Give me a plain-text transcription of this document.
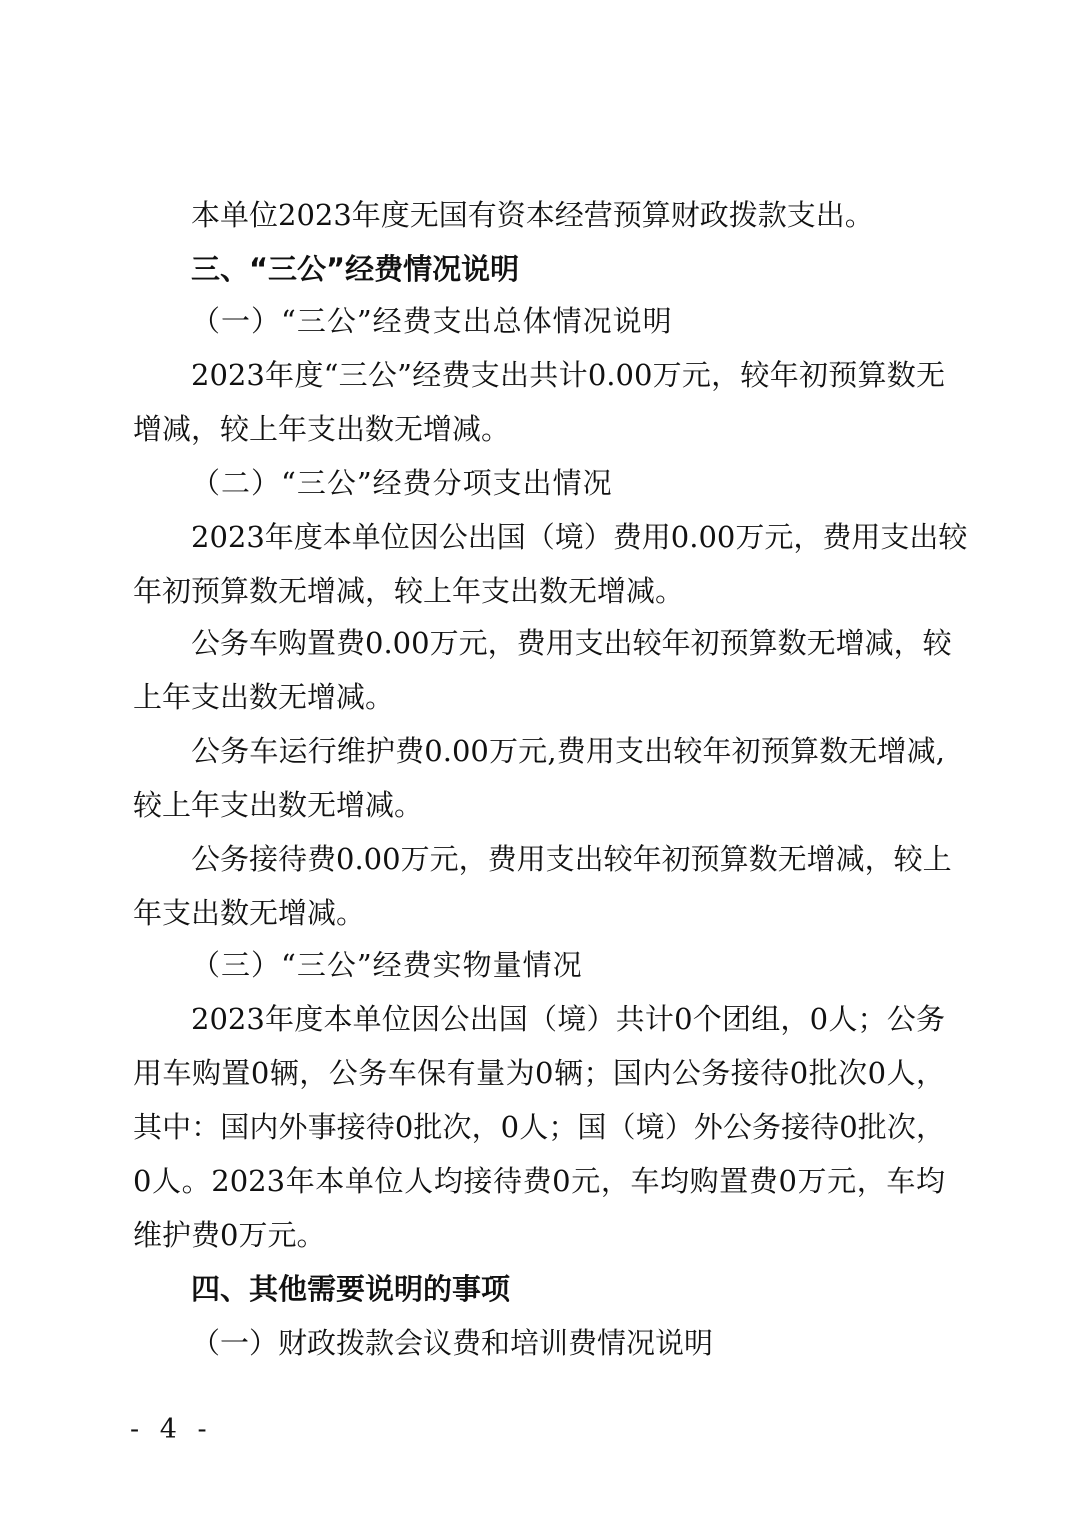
本单位2023年度无国有资本经营预算财政拨款支出。
三、“三公”经费情况说明
（一）“三公”经费支出总体情况说明
2023年度“三公”经费支出共计0.00万元，较年初预算数无
增减，较上年支出数无增减。
（二）“三公”经费分项支出情况
2023年度本单位因公出国（境）费用0.00万元，费用支出较
年初预算数无增减，较上年支出数无增减。
公务车购置费0.00万元，费用支出较年初预算数无增减，较
上年支出数无增减。
公务车运行维护费0.00万元,费用支出较年初预算数无增减,
较上年支出数无增减。
公务接待费0.00万元，费用支出较年初预算数无增减，较上
年支出数无增减。
（三）“三公”经费实物量情况
2023年度本单位因公出国（境）共计0个团组，0人；公务
用车购置0辆，公务车保有量为0辆；国内公务接待0批次0人，
其中：国内外事接待0批次，0人；国（境）外公务接待0批次，
0人。2023年本单位人均接待费0元，车均购置费0万元，车均
维护费0万元。
四、其他需要说明的事项
（一）财政拨款会议费和培训费情况说明
- 4 -
